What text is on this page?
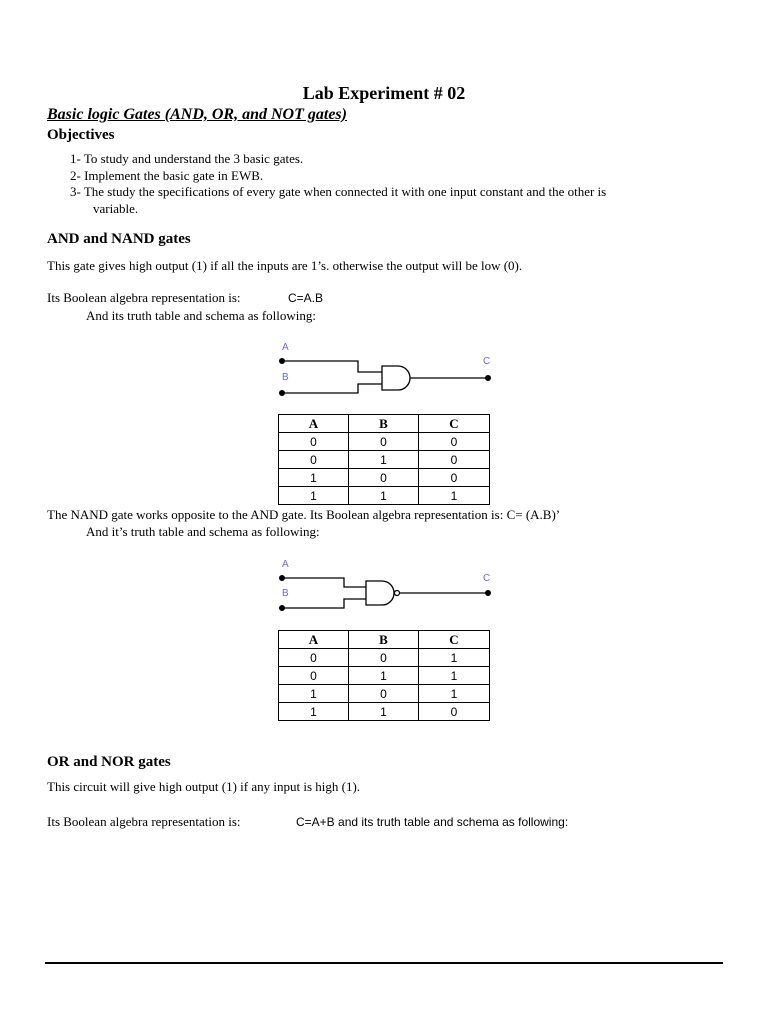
Lab Experiment # 02
Basic logic Gates (AND, OR, and NOT gates)
Objectives
1- To study and understand the 3 basic gates.
2- Implement the basic gate in EWB.
3- The study the specifications of every gate when connected it with one input constant and the other is
variable.
AND and NAND gates
This gate gives high output (1) if all the inputs are 1’s. otherwise the output will be low (0).
Its Boolean algebra representation is:	C=A.B
And its truth table and schema as following:
A
B
C
A	B	C
0	0	0
0	1	0
1	0	0
1	1	1
The NAND gate works opposite to the AND gate. Its Boolean algebra representation is: C= (A.B)’
And it’s truth table and schema as following:
A
B
C
A	B	C
0	0	1
0	1	1
1	0	1
1	1	0
OR and NOR gates
This circuit will give high output (1) if any input is high (1).
Its Boolean algebra representation is:	C=A+B and its truth table and schema as following:
